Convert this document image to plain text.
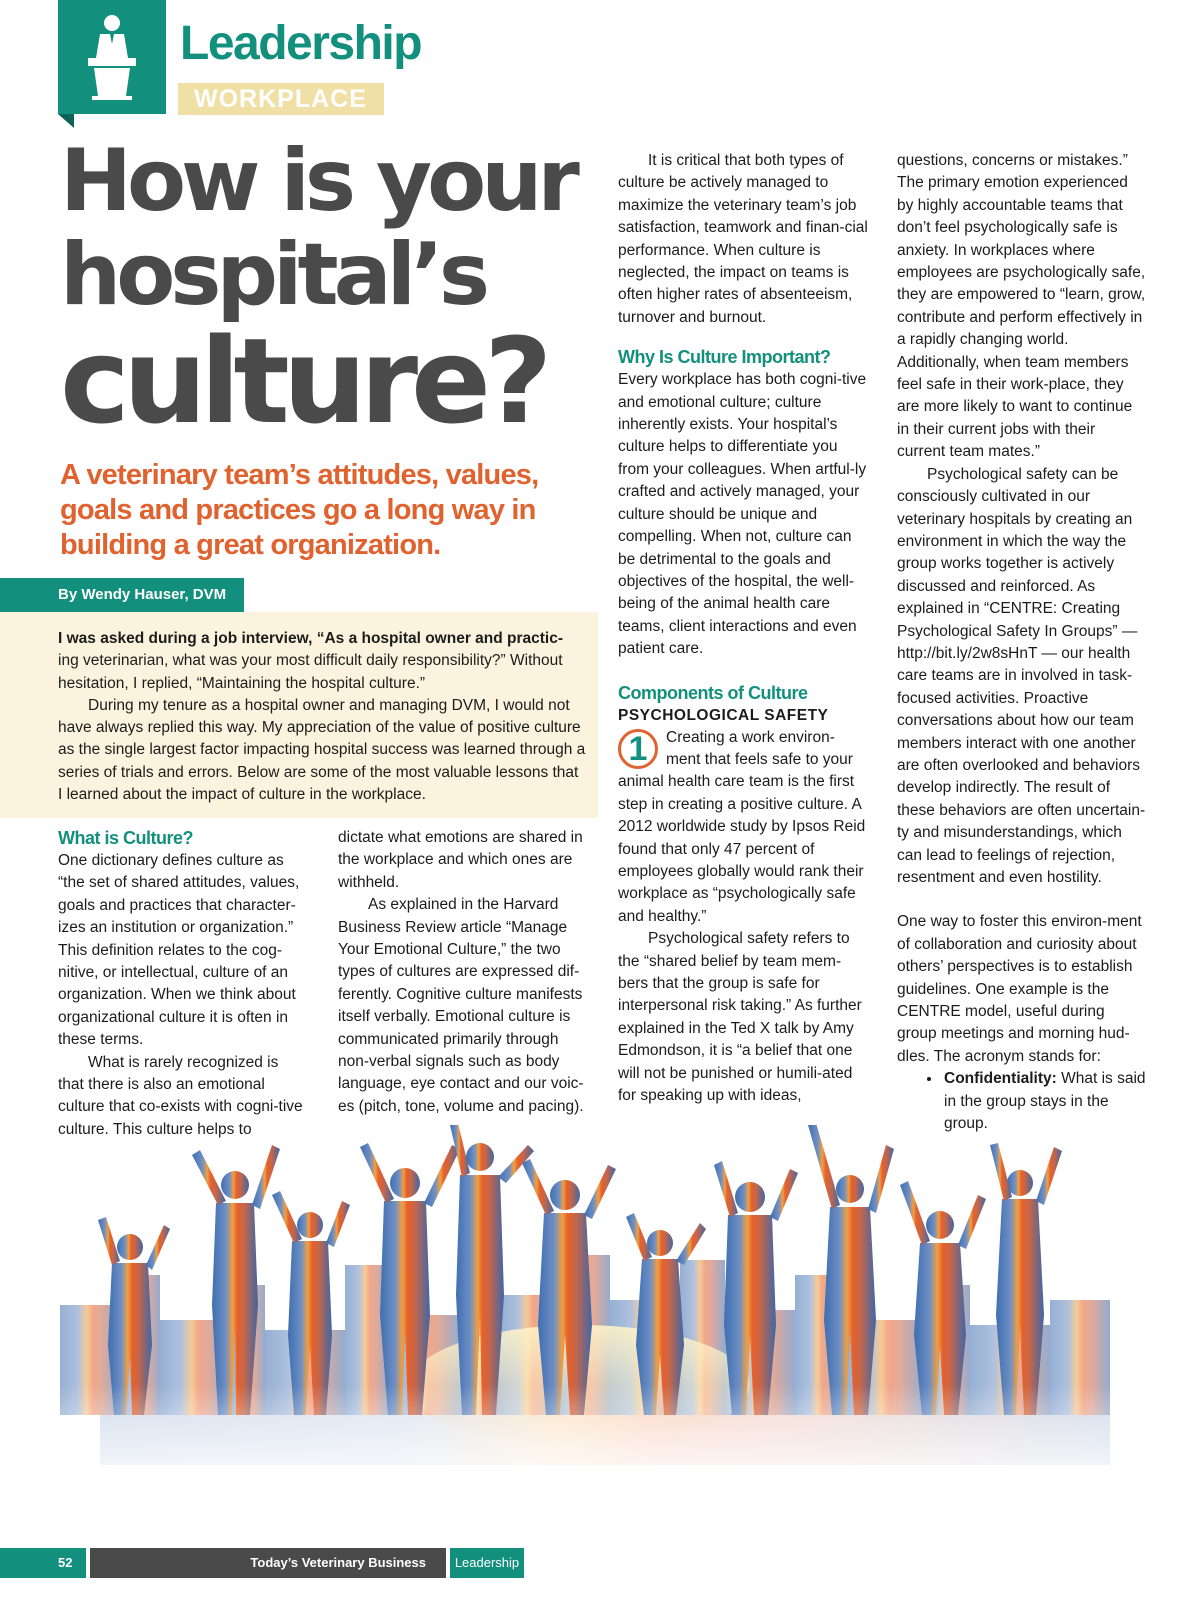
Leadership
WORKPLACE
How is your
hospital’s
culture?
A veterinary team’s attitudes, values, goals and practices go a long way in building a great organization.
By Wendy Hauser, DVM

I was asked during a job interview, “As a hospital owner and practic- ing veterinarian, what was your most difficult daily responsibility?” Without hesitation, I replied, “Maintaining the hospital culture.”

During my tenure as a hospital owner and managing DVM, I would not have always replied this way. My appreciation of the value of positive culture as the single largest factor impacting hospital success was learned through a series of trials and errors. Below are some of the most valuable lessons that I learned about the impact of culture in the workplace.

What is Culture?

One dictionary defines culture as “the set of shared attitudes, values, goals and practices that character-izes an institution or organization.” This definition relates to the cog-nitive, or intellectual, culture of an organization. When we think about organizational culture it is often in these terms.

What is rarely recognized is that there is also an emotional culture that co-exists with cogni-tive culture. This culture helps to

dictate what emotions are shared in the workplace and which ones are withheld.

As explained in the Harvard Business Review article “Manage Your Emotional Culture,” the two types of cultures are expressed dif-ferently. Cognitive culture manifests itself verbally. Emotional culture is communicated primarily through non-verbal signals such as body language, eye contact and our voic-es (pitch, tone, volume and pacing).

It is critical that both types of culture be actively managed to maximize the veterinary team’s job satisfaction, teamwork and finan-cial performance. When culture is neglected, the impact on teams is often higher rates of absenteeism, turnover and burnout.

Why Is Culture Important?

Every workplace has both cogni-tive and emotional culture; culture inherently exists. Your hospital’s culture helps to differentiate you from your colleagues. When artful-ly crafted and actively managed, your culture should be unique and compelling. When not, culture can be detrimental to the goals and objectives of the hospital, the well-being of the animal health care teams, client interactions and even patient care.

Components of Culture
PSYCHOLOGICAL SAFETY

1	Creating a work environ-ment that feels safe to your animal health care team is the first step in creating a positive culture. A 2012 worldwide study by Ipsos Reid found that only 47 percent of employees globally would rank their workplace as “psychologically safe and healthy.”

Psychological safety refers to the “shared belief by team mem-bers that the group is safe for interpersonal risk taking.” As further explained in the Ted X talk by Amy Edmondson, it is “a belief that one will not be punished or humili-ated for speaking up with ideas,

questions, concerns or mistakes.” The primary emotion experienced by highly accountable teams that don’t feel psychologically safe is anxiety. In workplaces where employees are psychologically safe, they are empowered to “learn, grow, contribute and perform effectively in a rapidly changing world. Additionally, when team members feel safe in their work-place, they are more likely to want to continue in their current jobs with their current team mates.”

Psychological safety can be consciously cultivated in our veterinary hospitals by creating an environment in which the way the group works together is actively discussed and reinforced. As explained in “CENTRE: Creating Psychological Safety In Groups” — http://bit.ly/2w8sHnT — our health care teams are in involved in task-focused activities. Proactive conversations about how our team members interact with one another are often overlooked and behaviors develop indirectly. The result of these behaviors are often uncertain-ty and misunderstandings, which can lead to feelings of rejection, resentment and even hostility.

One way to foster this environ-ment of collaboration and curiosity about others’ perspectives is to establish guidelines. One example is the CENTRE model, useful during group meetings and morning hud-dles. The acronym stands for:

• Confidentiality: What is said in the group stays in the group.
52	Today’s Veterinary Business	Leadership
